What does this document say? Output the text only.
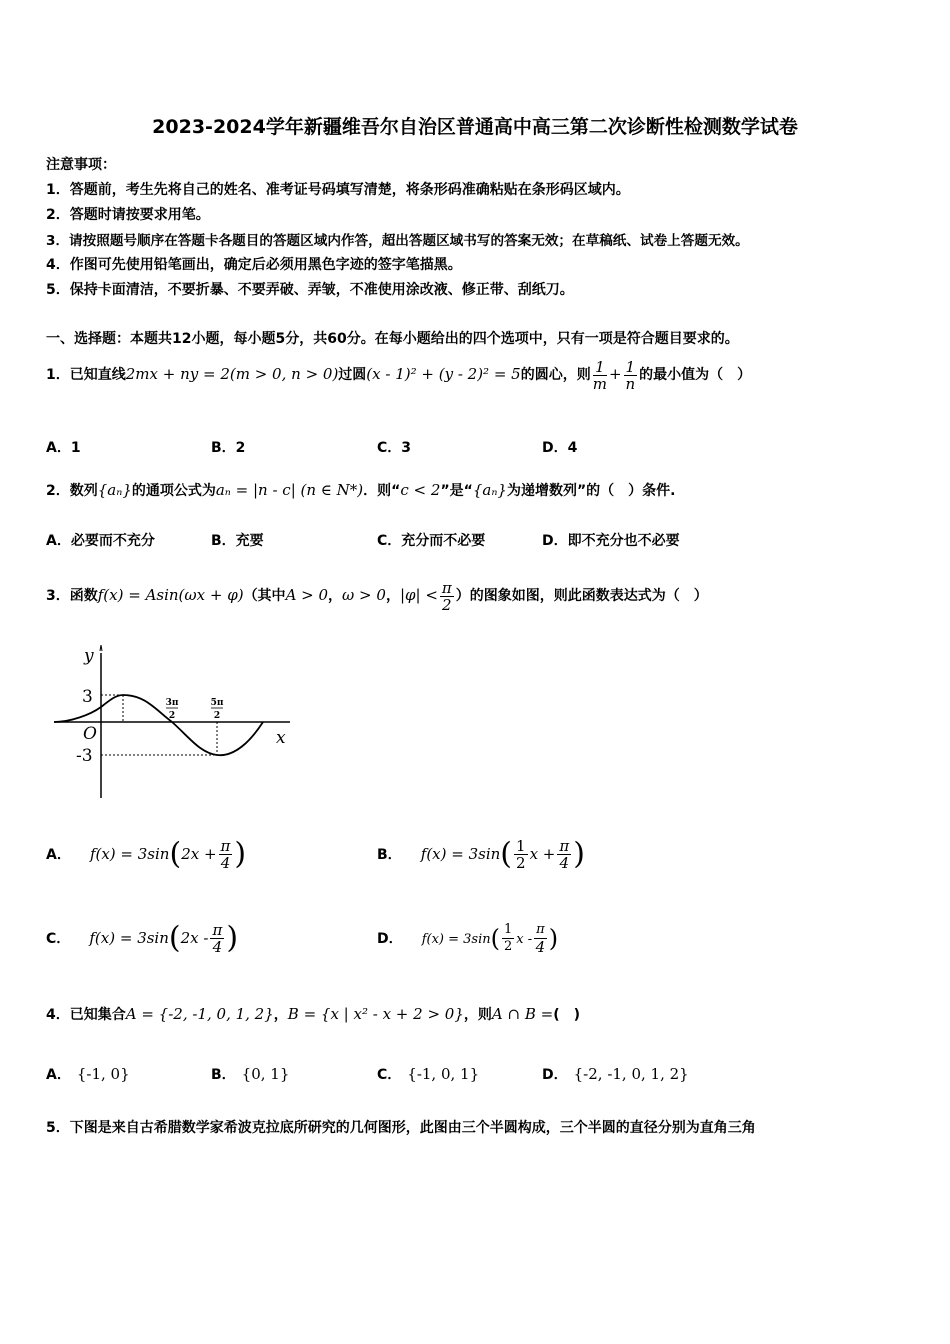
2023-2024学年新疆维吾尔自治区普通高中高三第二次诊断性检测数学试卷
注意事项：
1．答题前，考生先将自己的姓名、准考证号码填写清楚，将条形码准确粘贴在条形码区域内。
2．答题时请按要求用笔。
3．请按照题号顺序在答题卡各题目的答题区域内作答，超出答题区域书写的答案无效；在草稿纸、试卷上答题无效。
4．作图可先使用铅笔画出，确定后必须用黑色字迹的签字笔描黑。
5．保持卡面清洁，不要折暴、不要弄破、弄皱，不准使用涂改液、修正带、刮纸刀。
一、选择题：本题共12小题，每小题5分，共60分。在每小题给出的四个选项中，只有一项是符合题目要求的。
1．已知直线2mx + ny = 2(m > 0, n > 0)过圆(x - 1)² + (y - 2)² = 5的圆心，则 $\frac{1}{m} + \frac{1}{n}$ 的最小值为（　）
A．1	B．2	C．3	D．4
2．数列{aₙ}的通项公式为aₙ = |n - c| (n ∈ N*)．则“c < 2”是“{aₙ}为递增数列”的（　）条件.
A．必要而不充分	B．充要	C．充分而不必要	D．即不充分也不必要
3．函数f(x) = Asin(ωx + φ)（其中A > 0，ω > 0，$|\varphi| < \frac{\pi}{2}$ ）的图象如图，则此函数表达式为（　）
y
x
O
3
-3
3π
2
5π
2
A． $f(x) = 3\sin(2x + \frac{\pi}{4}$ )	B． $f(x) = 3\sin( \frac{1}{2}$ $x + \frac{\pi}{4}$ )
C． $f(x) = 3\sin(2x - \frac{\pi}{4}$ )	D． $f(x) = 3\sin( \frac{1}{2}$ x - $\frac{\pi}{4}$ )
4．已知集合A = {-2, -1, 0, 1, 2}，B = {x | x² - x + 2 > 0}，则A ∩ B =(　)
A． {-1, 0}	B． {0, 1}	C． {-1, 0, 1}	D． {-2, -1, 0, 1, 2}
5．下图是来自古希腊数学家希波克拉底所研究的几何图形，此图由三个半圆构成，三个半圆的直径分别为直角三角
